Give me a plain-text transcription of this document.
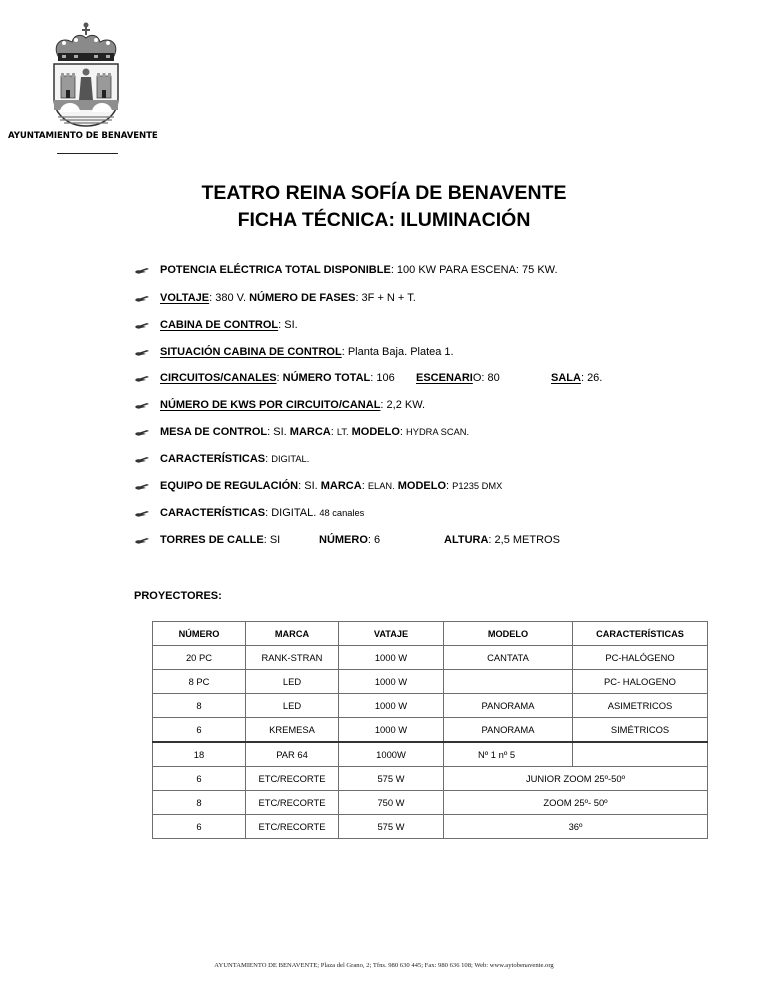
AYUNTAMIENTO DE BENAVENTE
TEATRO REINA SOFÍA DE BENAVENTE
FICHA TÉCNICA: ILUMINACIÓN
POTENCIA ELÉCTRICA TOTAL DISPONIBLE: 100 KW PARA ESCENA: 75 KW.
VOLTAJE: 380 V. NÚMERO DE FASES: 3F + N + T.
CABINA DE CONTROL: SI.
SITUACIÓN CABINA DE CONTROL: Planta Baja. Platea 1.
CIRCUITOS/CANALES: NÚMERO TOTAL: 106 ESCENARIO: 80	SALA: 26.
NÚMERO DE KWS POR CIRCUITO/CANAL: 2,2 KW.
MESA DE CONTROL: SI. MARCA: LT. MODELO: HYDRA SCAN.
CARACTERÍSTICAS: DIGITAL.
EQUIPO DE REGULACIÓN: SI. MARCA: ELAN. MODELO: P1235 DMX
CARACTERÍSTICAS: DIGITAL. 48 canales
TORRES DE CALLE: SI	NÚMERO: 6	ALTURA: 2,5 METROS
PROYECTORES:
NÚMERO	MARCA	VATAJE	MODELO	CARACTERÍSTICAS
20 PC	RANK-STRAN	1000 W	CANTATA	PC-HALÓGENO
8 PC	LED	1000 W		PC- HALOGENO
8	LED	1000 W	PANORAMA	ASIMETRICOS
6	KREMESA	1000 W	PANORAMA	SIMÉTRICOS
18	PAR 64	1000W	Nº 1 nº 5	
6	ETC/RECORTE	575 W	JUNIOR ZOOM 25º-50º	
8	ETC/RECORTE	750 W	ZOOM 25º- 50º	
6	ETC/RECORTE	575 W	36º	
AYUNTAMIENTO DE BENAVENTE; Plaza del Grano, 2; Tfns. 980 630 445; Fax: 980 636 108; Web: www.aytobenavente.org
